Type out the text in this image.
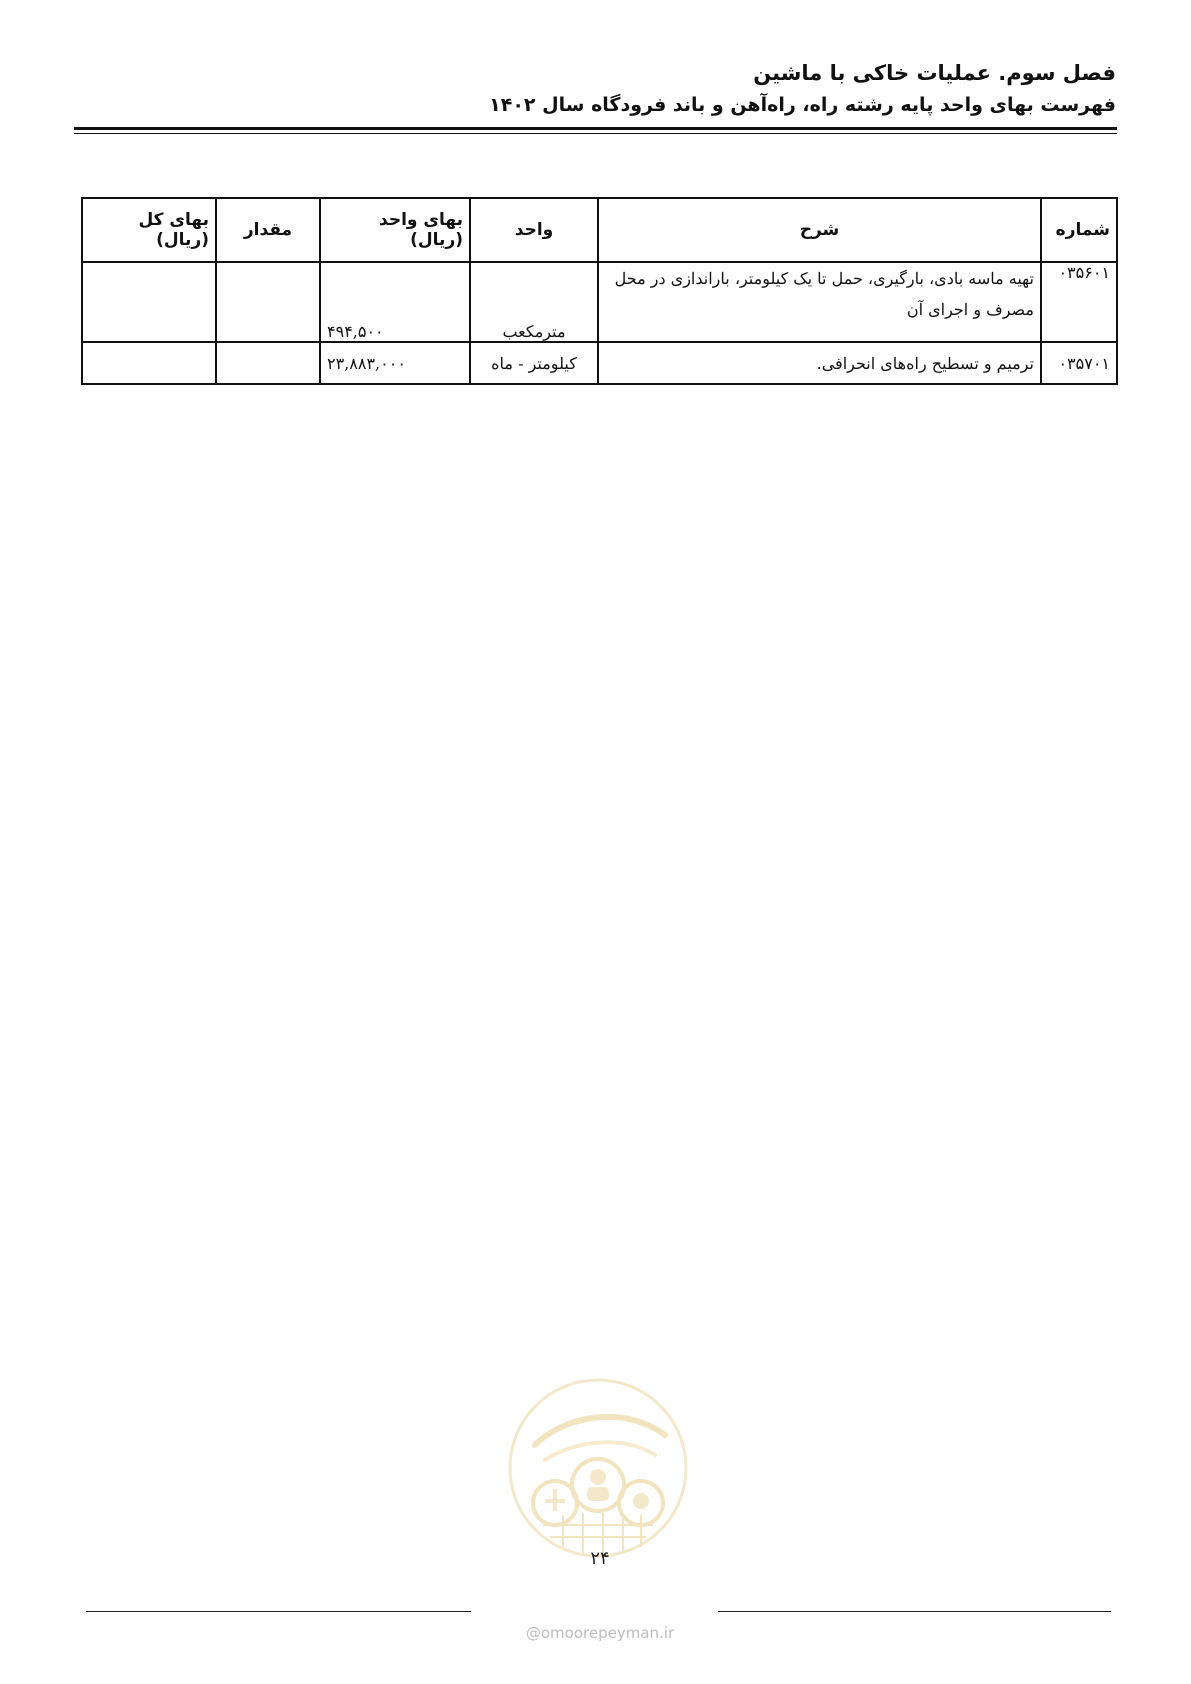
فصل سوم. عملیات خاکی با ماشین
فهرست بهای واحد پایه رشته راه، راه‌آهن و باند فرودگاه سال ۱۴۰۲
شماره	شرح	واحد	بهای واحد (ریال)	مقدار	بهای کل (ریال)
۰۳۵۶۰۱	تهیه ماسه بادی، بارگیری، حمل تا یک کیلومتر، باراندازی در محل مصرف و اجرای آن	مترمکعب	۴۹۴,۵۰۰		
۰۳۵۷۰۱	ترمیم و تسطیح راه‌های انحرافی.	کیلومتر - ماه	۲۳,۸۸۳,۰۰۰		
۲۴
@omoorepeyman.ir
